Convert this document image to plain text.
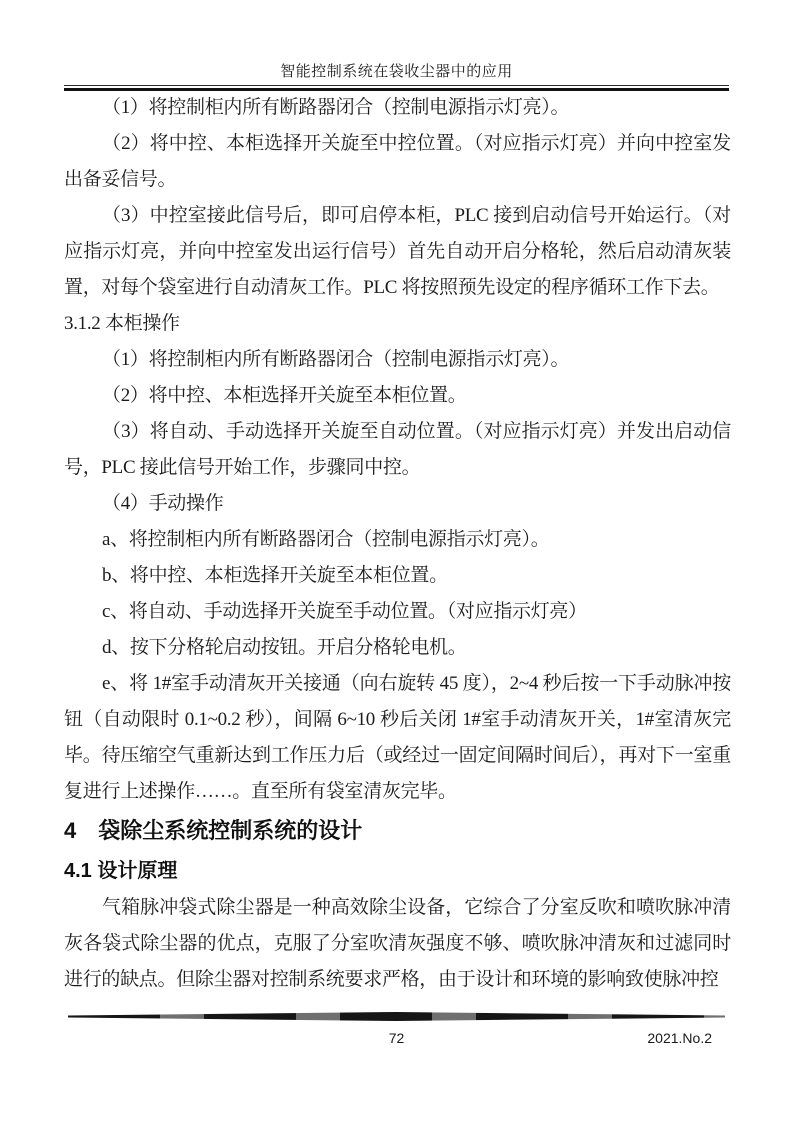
智能控制系统在袋收尘器中的应用

（1）将控制柜内所有断路器闭合（控制电源指示灯亮）。

（2）将中控、本柜选择开关旋至中控位置。（对应指示灯亮）并向中控室发出备妥信号。

（3）中控室接此信号后，即可启停本柜，PLC 接到启动信号开始运行。（对应指示灯亮，并向中控室发出运行信号）首先自动开启分格轮，然后启动清灰装置，对每个袋室进行自动清灰工作。PLC 将按照预先设定的程序循环工作下去。

3.1.2 本柜操作

（1）将控制柜内所有断路器闭合（控制电源指示灯亮）。

（2）将中控、本柜选择开关旋至本柜位置。

（3）将自动、手动选择开关旋至自动位置。（对应指示灯亮）并发出启动信号，PLC 接此信号开始工作，步骤同中控。

（4）手动操作

a、将控制柜内所有断路器闭合（控制电源指示灯亮）。

b、将中控、本柜选择开关旋至本柜位置。

c、将自动、手动选择开关旋至手动位置。（对应指示灯亮）

d、按下分格轮启动按钮。开启分格轮电机。

e、将 1#室手动清灰开关接通（向右旋转 45 度），2~4 秒后按一下手动脉冲按钮（自动限时 0.1~0.2 秒），间隔 6~10 秒后关闭 1#室手动清灰开关，1#室清灰完毕。待压缩空气重新达到工作压力后（或经过一固定间隔时间后），再对下一室重复进行上述操作……。直至所有袋室清灰完毕。

4　袋除尘系统控制系统的设计

4.1 设计原理

气箱脉冲袋式除尘器是一种高效除尘设备，它综合了分室反吹和喷吹脉冲清灰各袋式除尘器的优点，克服了分室吹清灰强度不够、喷吹脉冲清灰和过滤同时进行的缺点。但除尘器对控制系统要求严格，由于设计和环境的影响致使脉冲控

72	2021.No.2
